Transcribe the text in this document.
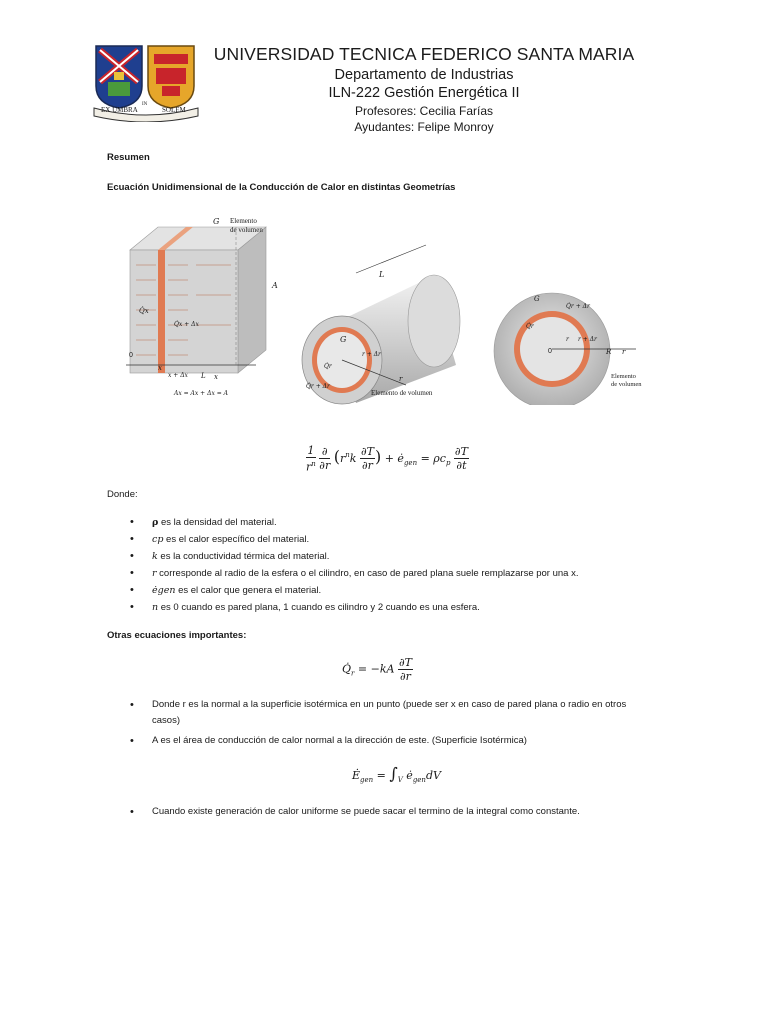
EX UMBRA
IN
SOLEM
UNIVERSIDAD TECNICA FEDERICO SANTA MARIA
Departamento de Industrias
ILN-222 Gestión Energética II
Profesores: Cecilia Farías
Ayudantes: Felipe Monroy
Resumen
Ecuación Unidimensional de la Conducción de Calor en distintas Geometrías
G Elemento
de volumen
A
Q̇x
Q̇x + Δx
0
x
x + Δx L x
Ax = Ax + Δx = A
L
G
Q̇r
r + Δr
r
Q̇r + Δr
Elemento de volumen
G
Q̇r + Δr
Q̇r
0
r r + Δr
R r
Elemento
de volumen
$\frac{1}{r^n}$
$\frac{\partial}{\partial r} (r^nk \frac{\partial T}{\partial r}$ ) + $ė_{gen} = \rho c_p \frac{\partial T}{\partial t}$
Donde:
• ρ es la densidad del material.
• cp es el calor específico del material.
• k es la conductividad térmica del material.
• r corresponde al radio de la esfera o el cilindro, en caso de pared plana suele remplazarse por una x.
• ėgen es el calor que genera el material.
• n es 0 cuando es pared plana, 1 cuando es cilindro y 2 cuando es una esfera.
Otras ecuaciones importantes:
$Q̇_r = -kA \frac{\partial T}{\partial r}$
• Donde r es la normal a la superficie isotérmica en un punto (puede ser x en caso de pared plana o radio en otros casos)
• A es el área de conducción de calor normal a la dirección de este. (Superficie Isotérmica)
$Ė_{gen} = \int_V$ $ė_{gen}dV$
• Cuando existe generación de calor uniforme se puede sacar el termino de la integral como constante.
